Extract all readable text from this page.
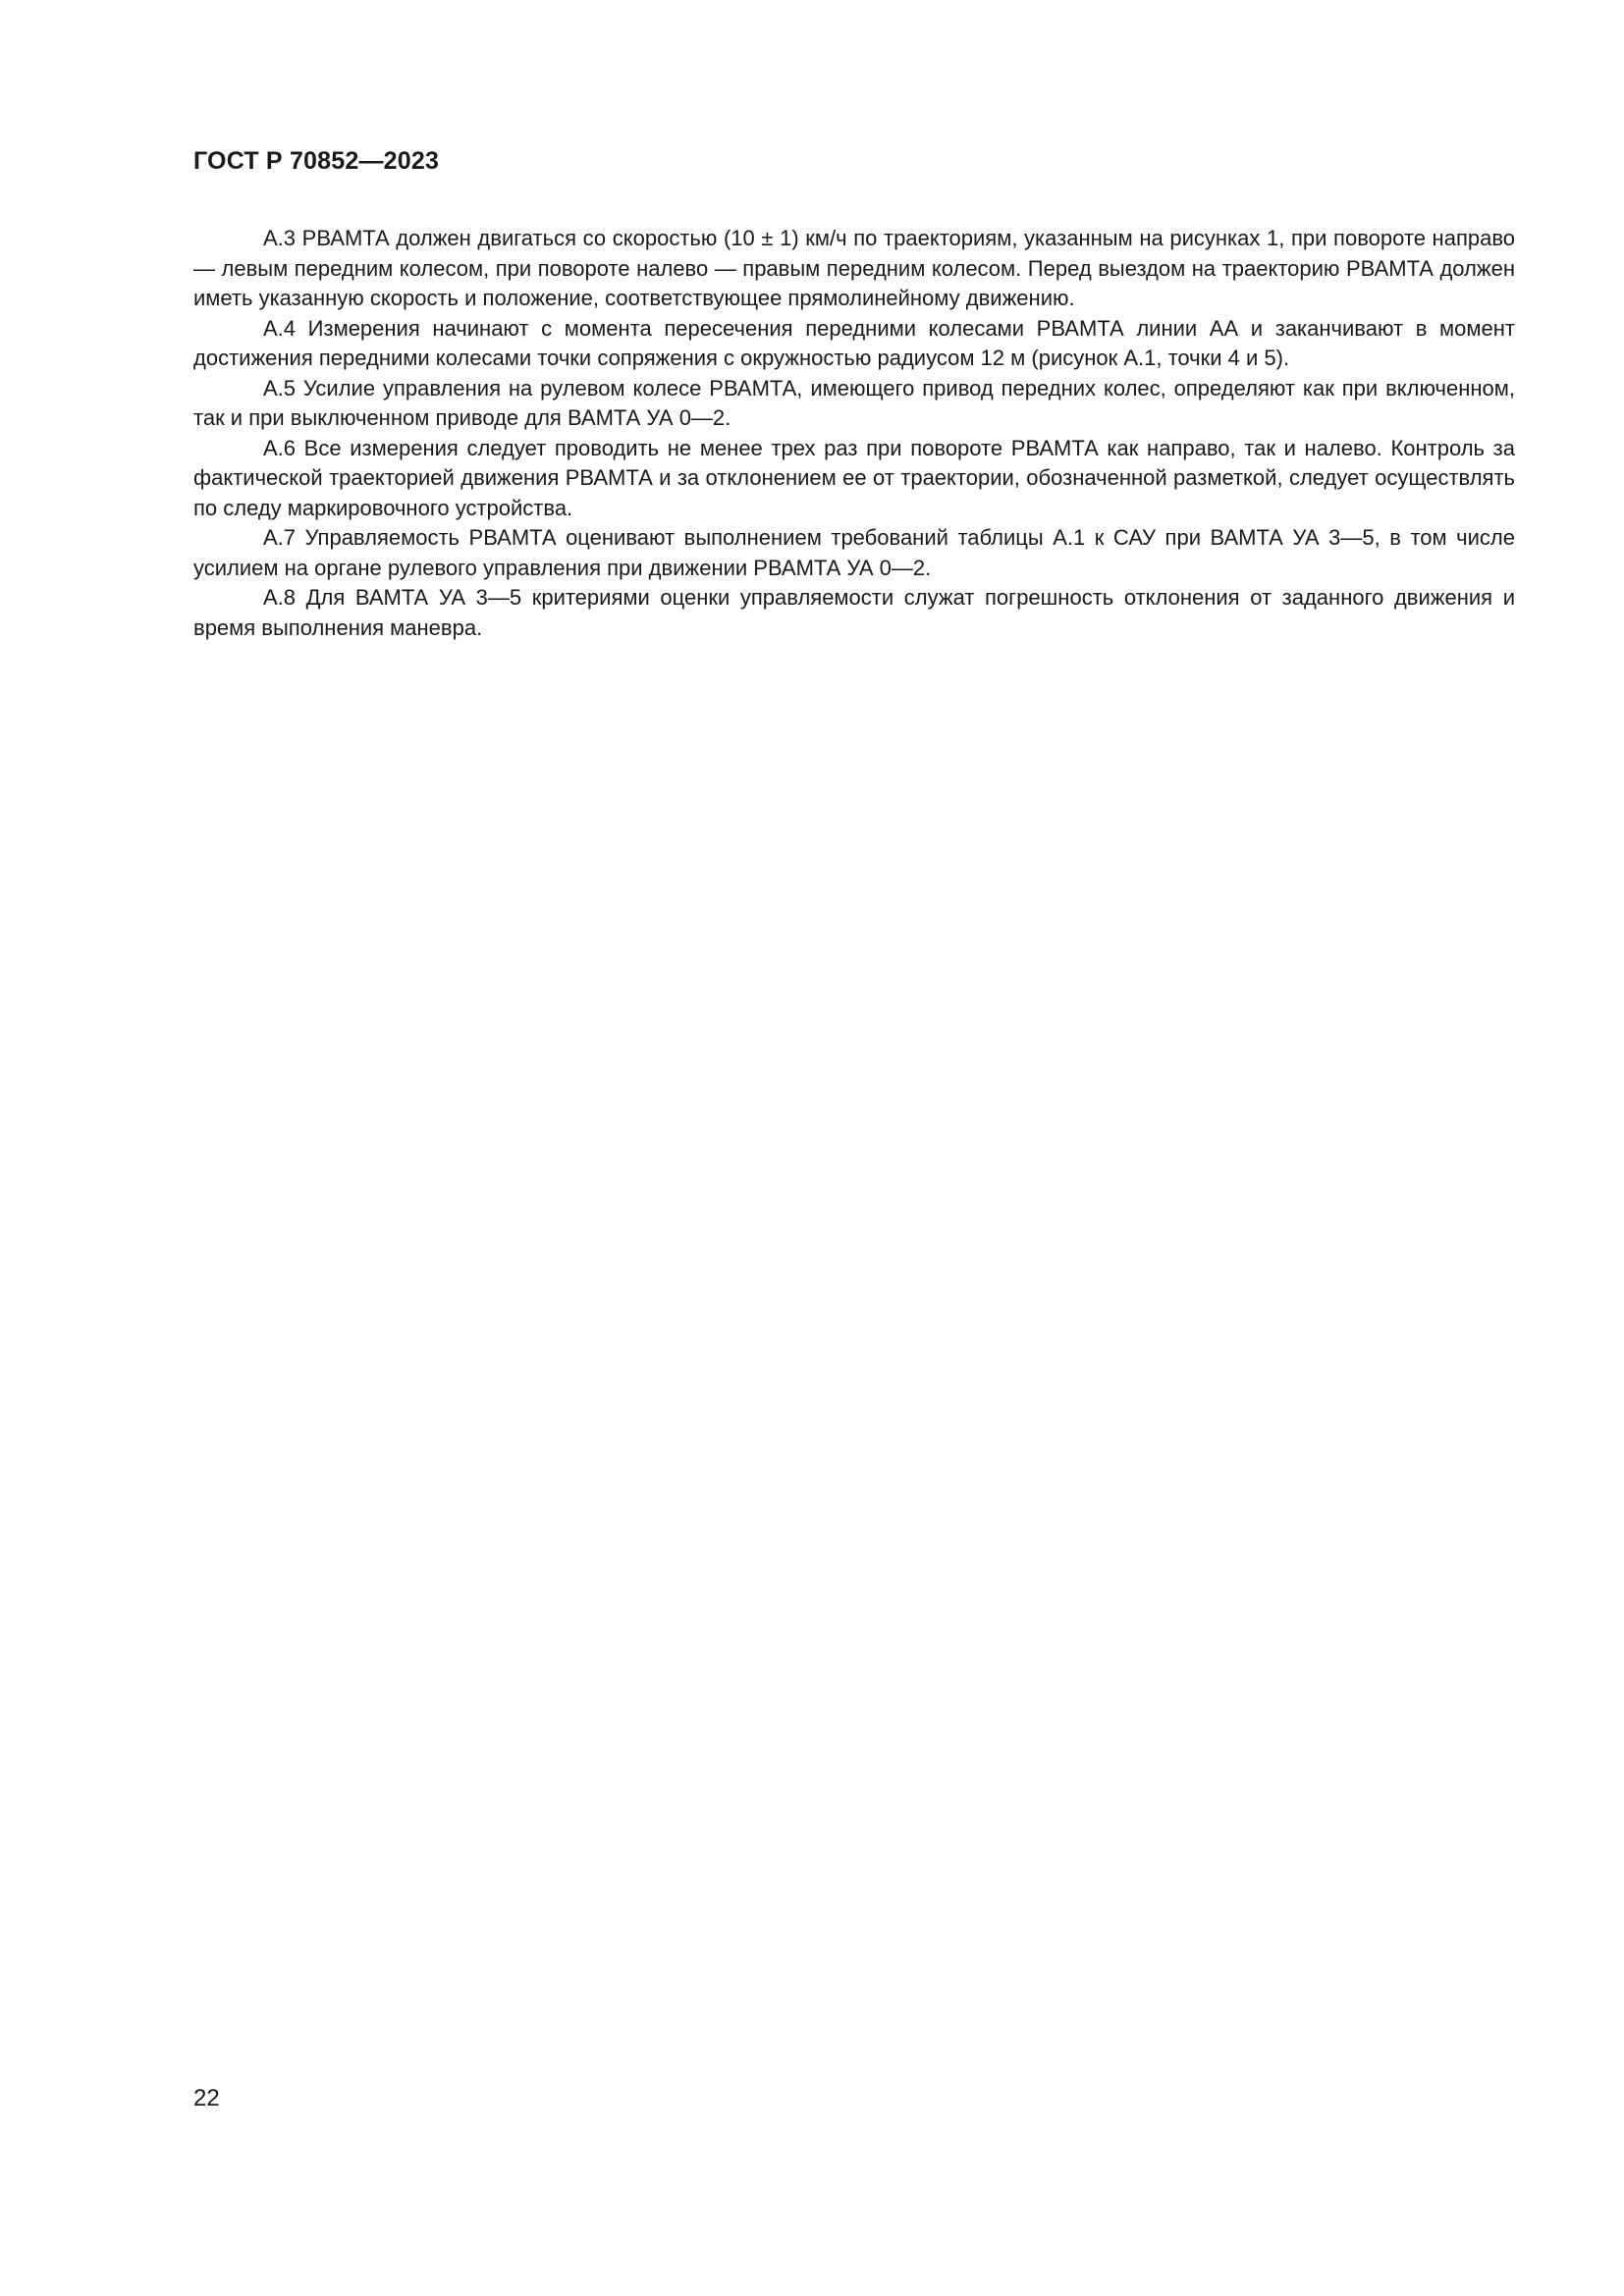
ГОСТ Р 70852—2023

А.3 РВАМТА должен двигаться со скоростью (10 ± 1) км/ч по траекториям, указанным на рисунках 1, при повороте направо — левым передним колесом, при повороте налево — правым передним колесом. Перед выездом на траекторию РВАМТА должен иметь указанную скорость и положение, соответствующее прямолинейному движению.

А.4 Измерения начинают с момента пересечения передними колесами РВАМТА линии АА и заканчивают в момент достижения передними колесами точки сопряжения с окружностью радиусом 12 м (рисунок А.1, точки 4 и 5).

А.5 Усилие управления на рулевом колесе РВАМТА, имеющего привод передних колес, определяют как при включенном, так и при выключенном приводе для ВАМТА УА 0—2.

А.6 Все измерения следует проводить не менее трех раз при повороте РВАМТА как направо, так и налево. Контроль за фактической траекторией движения РВАМТА и за отклонением ее от траектории, обозначенной разметкой, следует осуществлять по следу маркировочного устройства.

А.7 Управляемость РВАМТА оценивают выполнением требований таблицы А.1 к САУ при ВАМТА УА 3—5, в том числе усилием на органе рулевого управления при движении РВАМТА УА 0—2.

А.8 Для ВАМТА УА 3—5 критериями оценки управляемости служат погрешность отклонения от заданного движения и время выполнения маневра.

22
